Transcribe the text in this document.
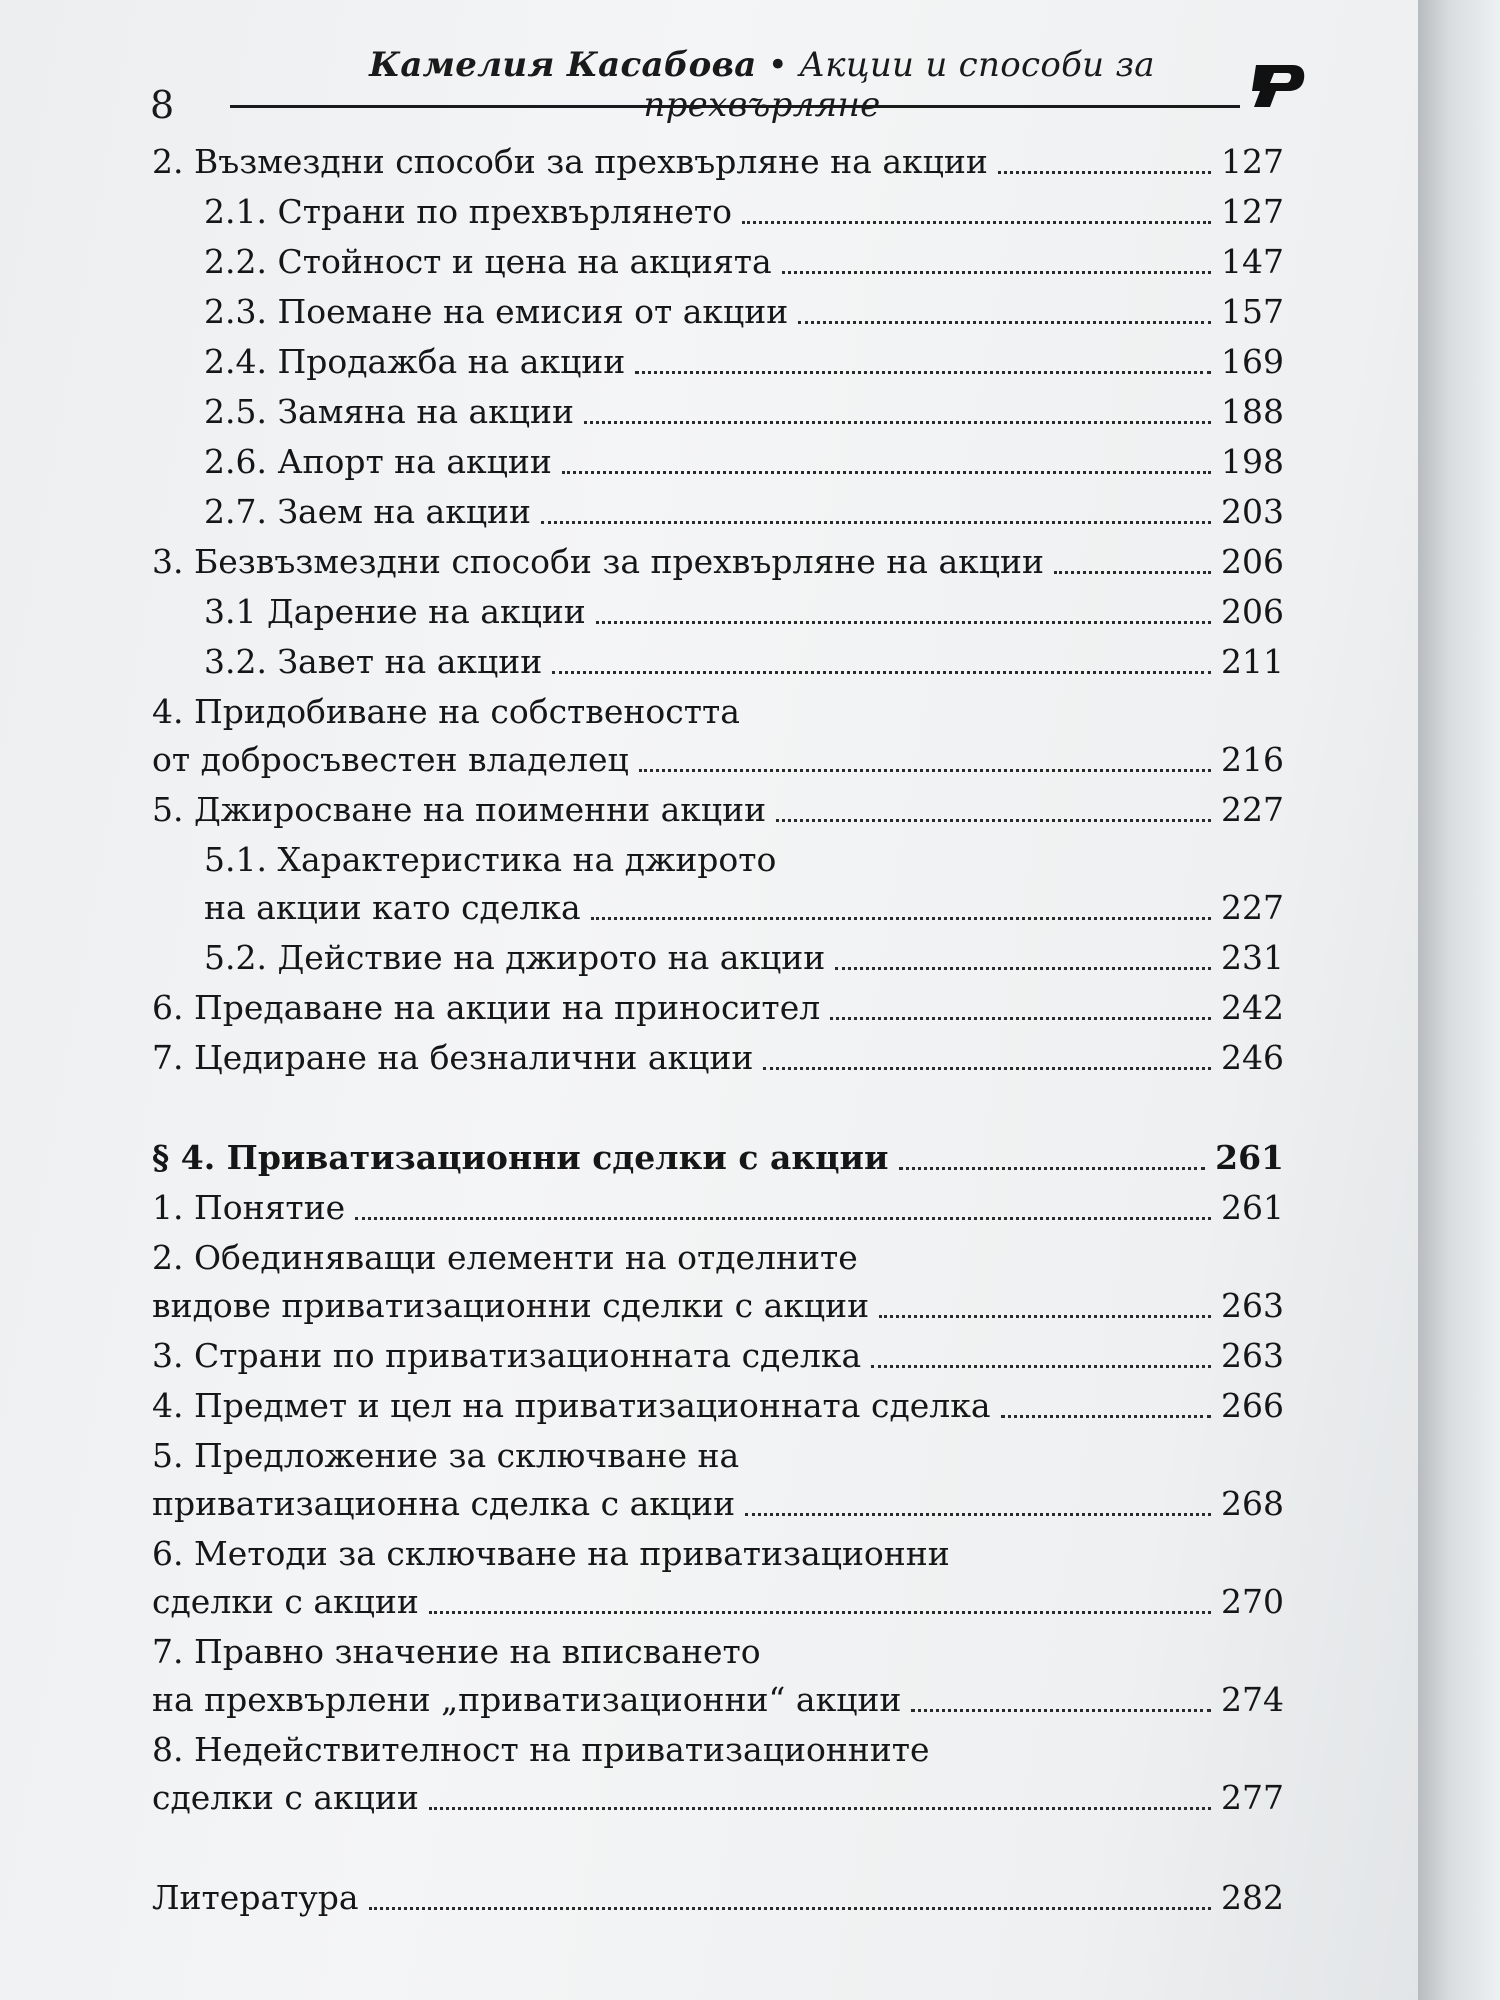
8
Камелия Касабова • Акции и способи за прехвърляне
2. Възмездни способи за прехвърляне на акции	127
2.1. Страни по прехвърлянето	127
2.2. Стойност и цена на акцията	147
2.3. Поемане на емисия от акции	157
2.4. Продажба на акции	169
2.5. Замяна на акции	188
2.6. Апорт на акции	198
2.7. Заем на акции	203
3. Безвъзмездни способи за прехвърляне на акции	206
3.1 Дарение на акции	206
3.2. Завет на акции	211
4. Придобиване на собствеността
от добросъвестен владелец	216
5. Джиросване на поименни акции	227
5.1. Характеристика на джирото
на акции като сделка	227
5.2. Действие на джирото на акции	231
6. Предаване на акции на приносител	242
7. Цедиране на безналични акции	246
§ 4. Приватизационни сделки с акции	261
1. Понятие	261
2. Обединяващи елементи на отделните
видове приватизационни сделки с акции	263
3. Страни по приватизационната сделка	263
4. Предмет и цел на приватизационната сделка	266
5. Предложение за сключване на
приватизационна сделка с акции	268
6. Методи за сключване на приватизационни
сделки с акции	270
7. Правно значение на вписването
на прехвърлени „приватизационни“ акции	274
8. Недействителност на приватизационните
сделки с акции	277
Литература	282
